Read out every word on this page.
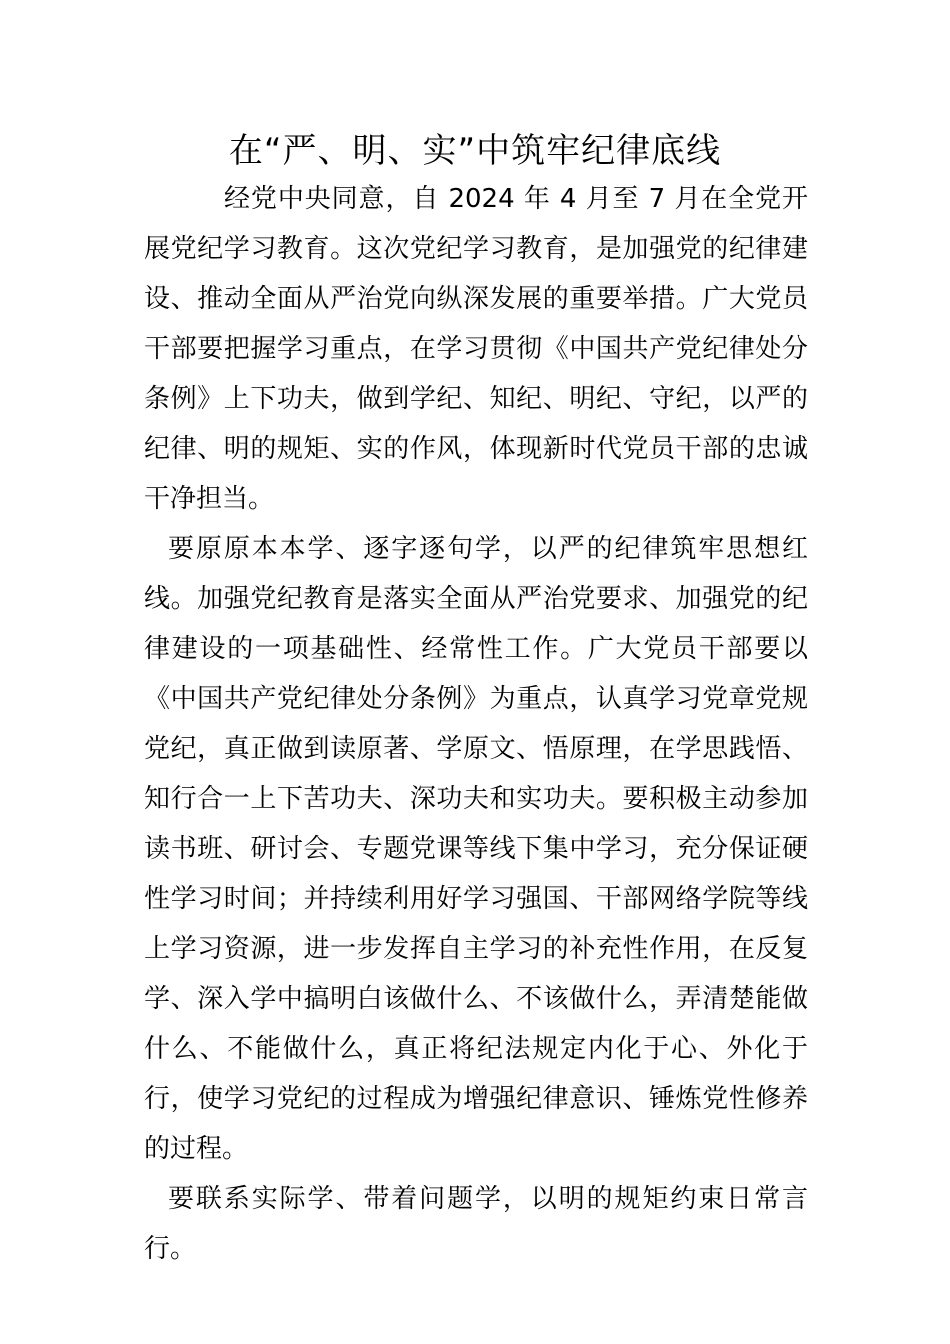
在“严、明、实”中筑牢纪律底线

经党中央同意，自 2024 年 4 月至 7 月在全党开展党纪学习教育。这次党纪学习教育，是加强党的纪律建设、推动全面从严治党向纵深发展的重要举措。广大党员干部要把握学习重点，在学习贯彻《中国共产党纪律处分条例》上下功夫，做到学纪、知纪、明纪、守纪，以严的纪律、明的规矩、实的作风，体现新时代党员干部的忠诚干净担当。

要原原本本学、逐字逐句学，以严的纪律筑牢思想红线。加强党纪教育是落实全面从严治党要求、加强党的纪律建设的一项基础性、经常性工作。广大党员干部要以《中国共产党纪律处分条例》为重点，认真学习党章党规党纪，真正做到读原著、学原文、悟原理，在学思践悟、知行合一上下苦功夫、深功夫和实功夫。要积极主动参加读书班、研讨会、专题党课等线下集中学习，充分保证硬性学习时间；并持续利用好学习强国、干部网络学院等线上学习资源，进一步发挥自主学习的补充性作用，在反复学、深入学中搞明白该做什么、不该做什么，弄清楚能做什么、不能做什么，真正将纪法规定内化于心、外化于行，使学习党纪的过程成为增强纪律意识、锤炼党性修养的过程。

要联系实际学、带着问题学，以明的规矩约束日常言行。
